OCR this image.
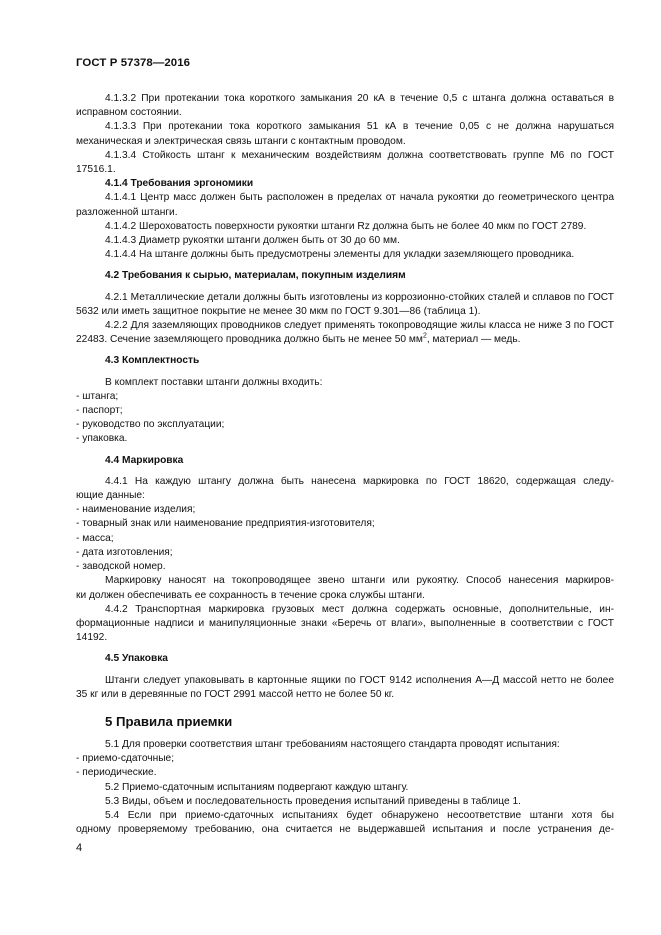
ГОСТ Р 57378—2016

4.1.3.2 При протекании тока короткого замыкания 20 кА в течение 0,5 с штанга должна оставаться в исправном состоянии.

4.1.3.3 При протекании тока короткого замыкания 51 кА в течение 0,05 с не должна нарушаться механическая и электрическая связь штанги с контактным проводом.

4.1.3.4 Стойкость штанг к механическим воздействиям должна соответствовать группе М6 по ГОСТ 17516.1.

4.1.4 Требования эргономики

4.1.4.1 Центр масс должен быть расположен в пределах от начала рукоятки до геометрического центра разложенной штанги.

4.1.4.2 Шероховатость поверхности рукоятки штанги Rz должна быть не более 40 мкм по ГОСТ 2789.

4.1.4.3 Диаметр рукоятки штанги должен быть от 30 до 60 мм.

4.1.4.4 На штанге должны быть предусмотрены элементы для укладки заземляющего проводника.

4.2 Требования к сырью, материалам, покупным изделиям

4.2.1 Металлические детали должны быть изготовлены из коррозионно-стойких сталей и сплавов по ГОСТ 5632 или иметь защитное покрытие не менее 30 мкм по ГОСТ 9.301—86 (таблица 1).

4.2.2 Для заземляющих проводников следует применять токопроводящие жилы класса не ниже 3 по ГОСТ 22483. Сечение заземляющего проводника должно быть не менее 50 $мм^2$, материал — медь.

4.3 Комплектность

В комплект поставки штанги должны входить:

- штанга;

- паспорт;

- руководство по эксплуатации;

- упаковка.

4.4 Маркировка

4.4.1 На каждую штангу должна быть нанесена маркировка по ГОСТ 18620, содержащая следу-

ющие данные:

- наименование изделия;

- товарный знак или наименование предприятия-изготовителя;

- масса;

- дата изготовления;

- заводской номер.

Маркировку наносят на токопроводящее звено штанги или рукоятку. Способ нанесения маркиров-

ки должен обеспечивать ее сохранность в течение срока службы штанги.

4.4.2 Транспортная маркировка грузовых мест должна содержать основные, дополнительные, ин-

формационные надписи и манипуляционные знаки «Беречь от влаги», выполненные в соответствии с ГОСТ 14192.

4.5 Упаковка

Штанги следует упаковывать в картонные ящики по ГОСТ 9142 исполнения А—Д массой нетто не более 35 кг или в деревянные по ГОСТ 2991 массой нетто не более 50 кг.

5 Правила приемки

5.1 Для проверки соответствия штанг требованиям настоящего стандарта проводят испытания:

- приемо-сдаточные;

- периодические.

5.2 Приемо-сдаточным испытаниям подвергают каждую штангу.

5.3 Виды, объем и последовательность проведения испытаний приведены в таблице 1.

5.4 Если при приемо-сдаточных испытаниях будет обнаружено несоответствие штанги хотя бы

одному проверяемому требованию, она считается не выдержавшей испытания и после устранения де-

4
